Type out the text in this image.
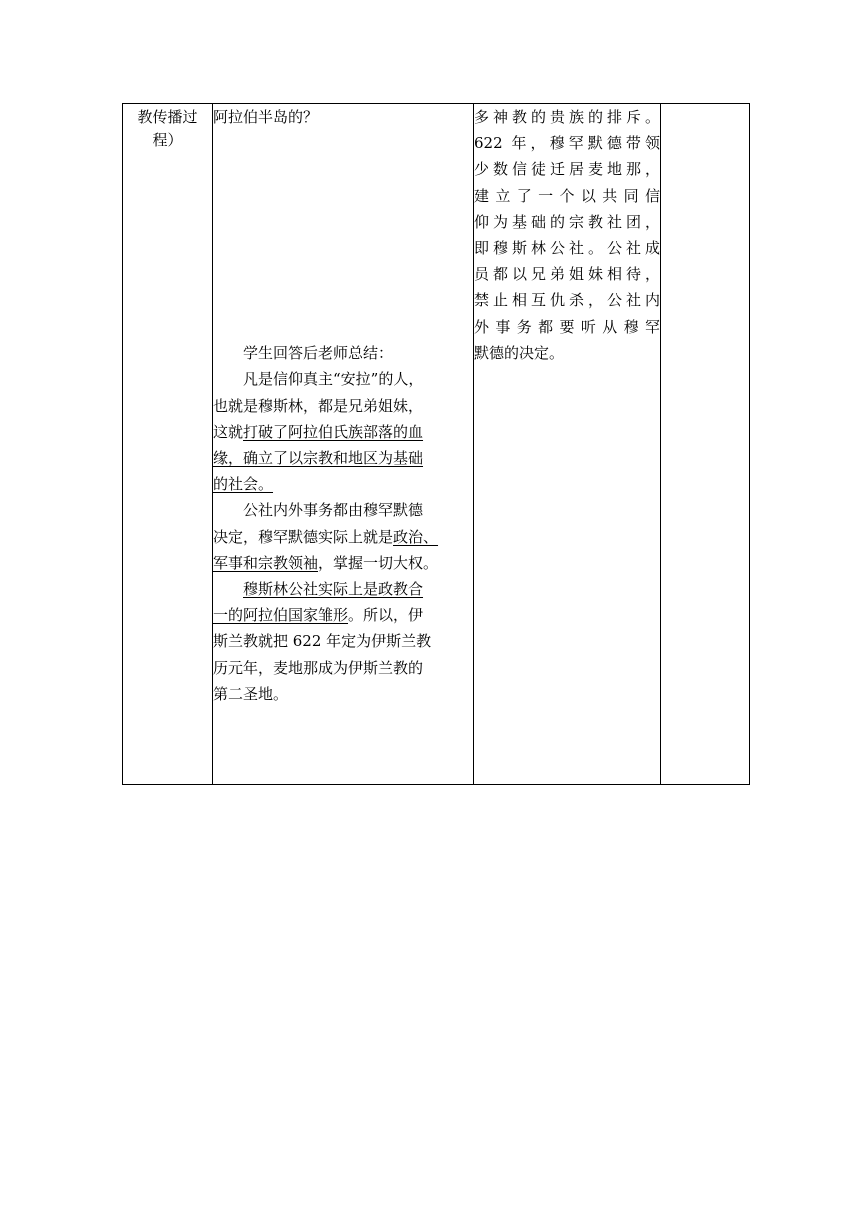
教传播过
程）

阿拉伯半岛的？
学生回答后老师总结：
凡是信仰真主“安拉”的人，
也就是穆斯林，都是兄弟姐妹，
这就打破了阿拉伯氏族部落的血
缘，确立了以宗教和地区为基础
的社会。
公社内外事务都由穆罕默德
决定，穆罕默德实际上就是政治、
军事和宗教领袖，掌握一切大权。
穆斯林公社实际上是政教合
一的阿拉伯国家雏形。所以，伊
斯兰教就把 622 年定为伊斯兰教
历元年，麦地那成为伊斯兰教的
第二圣地。

多神教的贵族的排斥。
622 年，穆罕默德带领
少数信徒迁居麦地那，
建立了一个以共同信
仰为基础的宗教社团，
即穆斯林公社。公社成
员都以兄弟姐妹相待，
禁止相互仇杀，公社内
外事务都要听从穆罕
默德的决定。
